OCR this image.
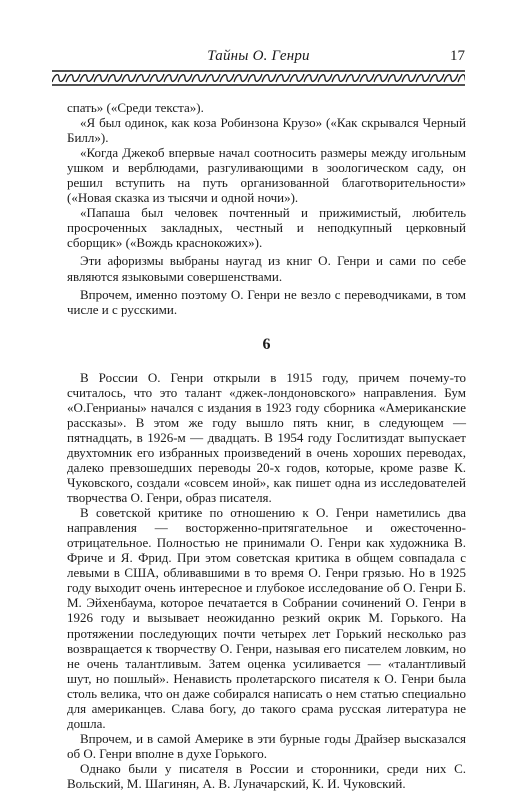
Тайны О. Генри	17

спать» («Среди текста»).

«Я был одинок, как коза Робинзона Крузо» («Как скрывался Черный Билл»).

«Когда Джекоб впервые начал соотносить размеры между игольным ушком и верблюдами, разгуливающими в зоологическом саду, он решил вступить на путь организованной благотворительности» («Новая сказка из тысячи и одной ночи»).

«Папаша был человек почтенный и прижимистый, любитель просроченных закладных, честный и неподкупный церковный сборщик» («Вождь краснокожих»).

Эти афоризмы выбраны наугад из книг О. Генри и сами по себе являются языковыми совершенствами.

Впрочем, именно поэтому О. Генри не везло с переводчиками, в том числе и с русскими.

6

В России О. Генри открыли в 1915 году, причем почему-то считалось, что это талант «джек-лондоновского» направления. Бум «О.Генрианы» начался с издания в 1923 году сборника «Американские рассказы». В этом же году вышло пять книг, в следующем — пятнадцать, в 1926-м — двадцать. В 1954 году Гослитиздат выпускает двухтомник его избранных произведений в очень хороших переводах, далеко превзошедших переводы 20-х годов, которые, кроме разве К. Чуковского, создали «совсем иной», как пишет одна из исследователей творчества О. Генри, образ писателя.

В советской критике по отношению к О. Генри наметились два направления — восторженно-притягательное и ожесточенно-отрицательное. Полностью не принимали О. Генри как художника В. Фриче и Я. Фрид. При этом советская критика в общем совпадала с левыми в США, обливавшими в то время О. Генри грязью. Но в 1925 году выходит очень интересное и глубокое исследование об О. Генри Б. М. Эйхенбаума, которое печатается в Собрании сочинений О. Генри в 1926 году и вызывает неожиданно резкий окрик М. Горького. На протяжении последующих почти четырех лет Горький несколько раз возвращается к творчеству О. Генри, называя его писателем ловким, но не очень талантливым. Затем оценка усиливается — «талантливый шут, но пошлый». Ненависть пролетарского писателя к О. Генри была столь велика, что он даже собирался написать о нем статью специально для американцев. Слава богу, до такого срама русская литература не дошла.

Впрочем, и в самой Америке в эти бурные годы Драйзер высказался об О. Генри вполне в духе Горького.

Однако были у писателя в России и сторонники, среди них С. Вольский, М. Шагинян, А. В. Луначарский, К. И. Чуковский.
